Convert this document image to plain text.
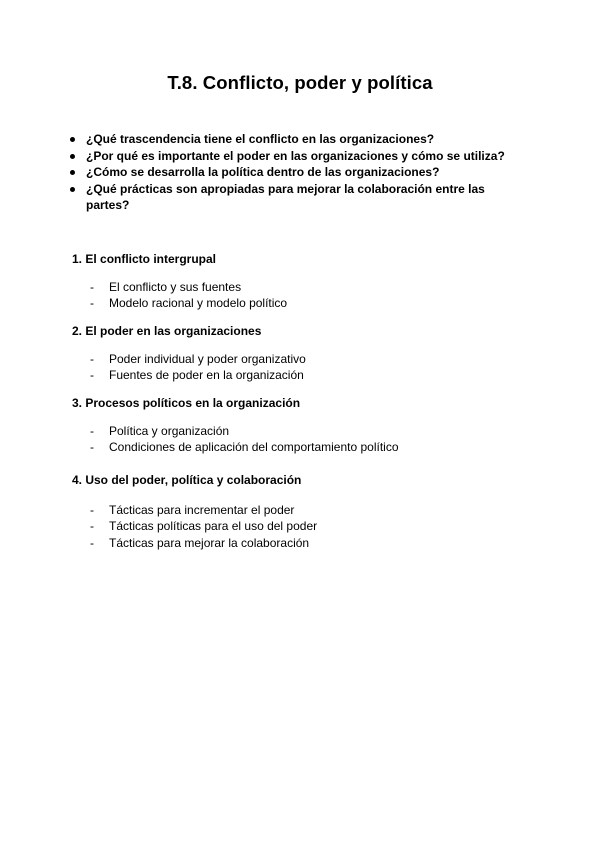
T.8. Conflicto, poder y política
¿Qué trascendencia tiene el conflicto en las organizaciones?
¿Por qué es importante el poder en las organizaciones y cómo se utiliza?
¿Cómo se desarrolla la política dentro de las organizaciones?
¿Qué prácticas son apropiadas para mejorar la colaboración entre las partes?
1. El conflicto intergrupal
- El conflicto y sus fuentes
- Modelo racional y modelo político
2. El poder en las organizaciones
- Poder individual y poder organizativo
- Fuentes de poder en la organización
3. Procesos políticos en la organización
- Política y organización
- Condiciones de aplicación del comportamiento político
4. Uso del poder, política y colaboración
- Tácticas para incrementar el poder
- Tácticas políticas para el uso del poder
- Tácticas para mejorar la colaboración
